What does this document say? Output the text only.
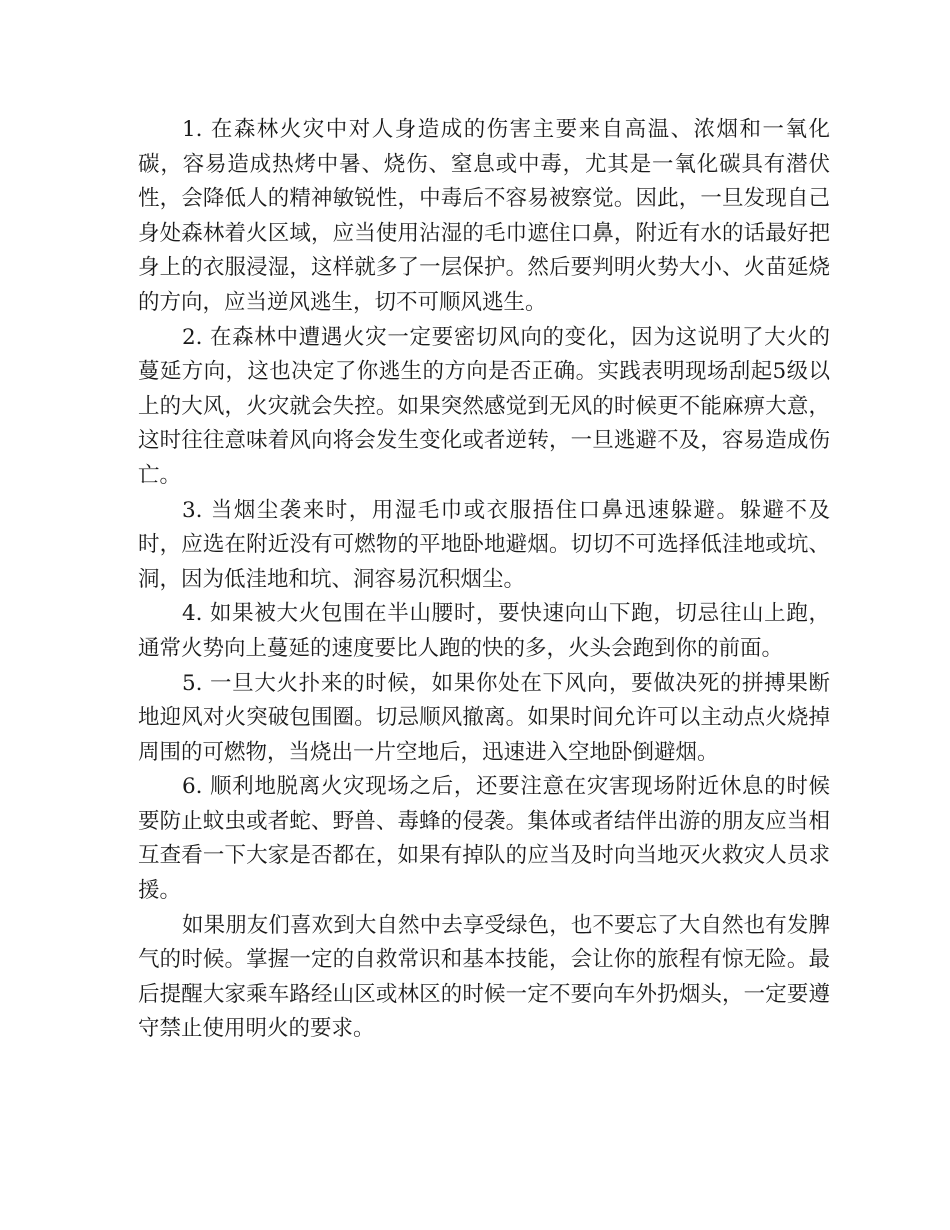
1. 在森林火灾中对人身造成的伤害主要来自高温、浓烟和一氧化碳，容易造成热烤中暑、烧伤、窒息或中毒，尤其是一氧化碳具有潜伏性，会降低人的精神敏锐性，中毒后不容易被察觉。因此，一旦发现自己身处森林着火区域，应当使用沾湿的毛巾遮住口鼻，附近有水的话最好把身上的衣服浸湿，这样就多了一层保护。然后要判明火势大小、火苗延烧的方向，应当逆风逃生，切不可顺风逃生。

2. 在森林中遭遇火灾一定要密切风向的变化，因为这说明了大火的蔓延方向，这也决定了你逃生的方向是否正确。实践表明现场刮起5级以上的大风，火灾就会失控。如果突然感觉到无风的时候更不能麻痹大意，这时往往意味着风向将会发生变化或者逆转，一旦逃避不及，容易造成伤亡。

3. 当烟尘袭来时，用湿毛巾或衣服捂住口鼻迅速躲避。躲避不及时，应选在附近没有可燃物的平地卧地避烟。切切不可选择低洼地或坑、洞，因为低洼地和坑、洞容易沉积烟尘。

4. 如果被大火包围在半山腰时，要快速向山下跑，切忌往山上跑，通常火势向上蔓延的速度要比人跑的快的多，火头会跑到你的前面。

5. 一旦大火扑来的时候，如果你处在下风向，要做决死的拼搏果断地迎风对火突破包围圈。切忌顺风撤离。如果时间允许可以主动点火烧掉周围的可燃物，当烧出一片空地后，迅速进入空地卧倒避烟。

6. 顺利地脱离火灾现场之后，还要注意在灾害现场附近休息的时候要防止蚊虫或者蛇、野兽、毒蜂的侵袭。集体或者结伴出游的朋友应当相互查看一下大家是否都在，如果有掉队的应当及时向当地灭火救灾人员求援。

如果朋友们喜欢到大自然中去享受绿色，也不要忘了大自然也有发脾气的时候。掌握一定的自救常识和基本技能，会让你的旅程有惊无险。最后提醒大家乘车路经山区或林区的时候一定不要向车外扔烟头，一定要遵守禁止使用明火的要求。
